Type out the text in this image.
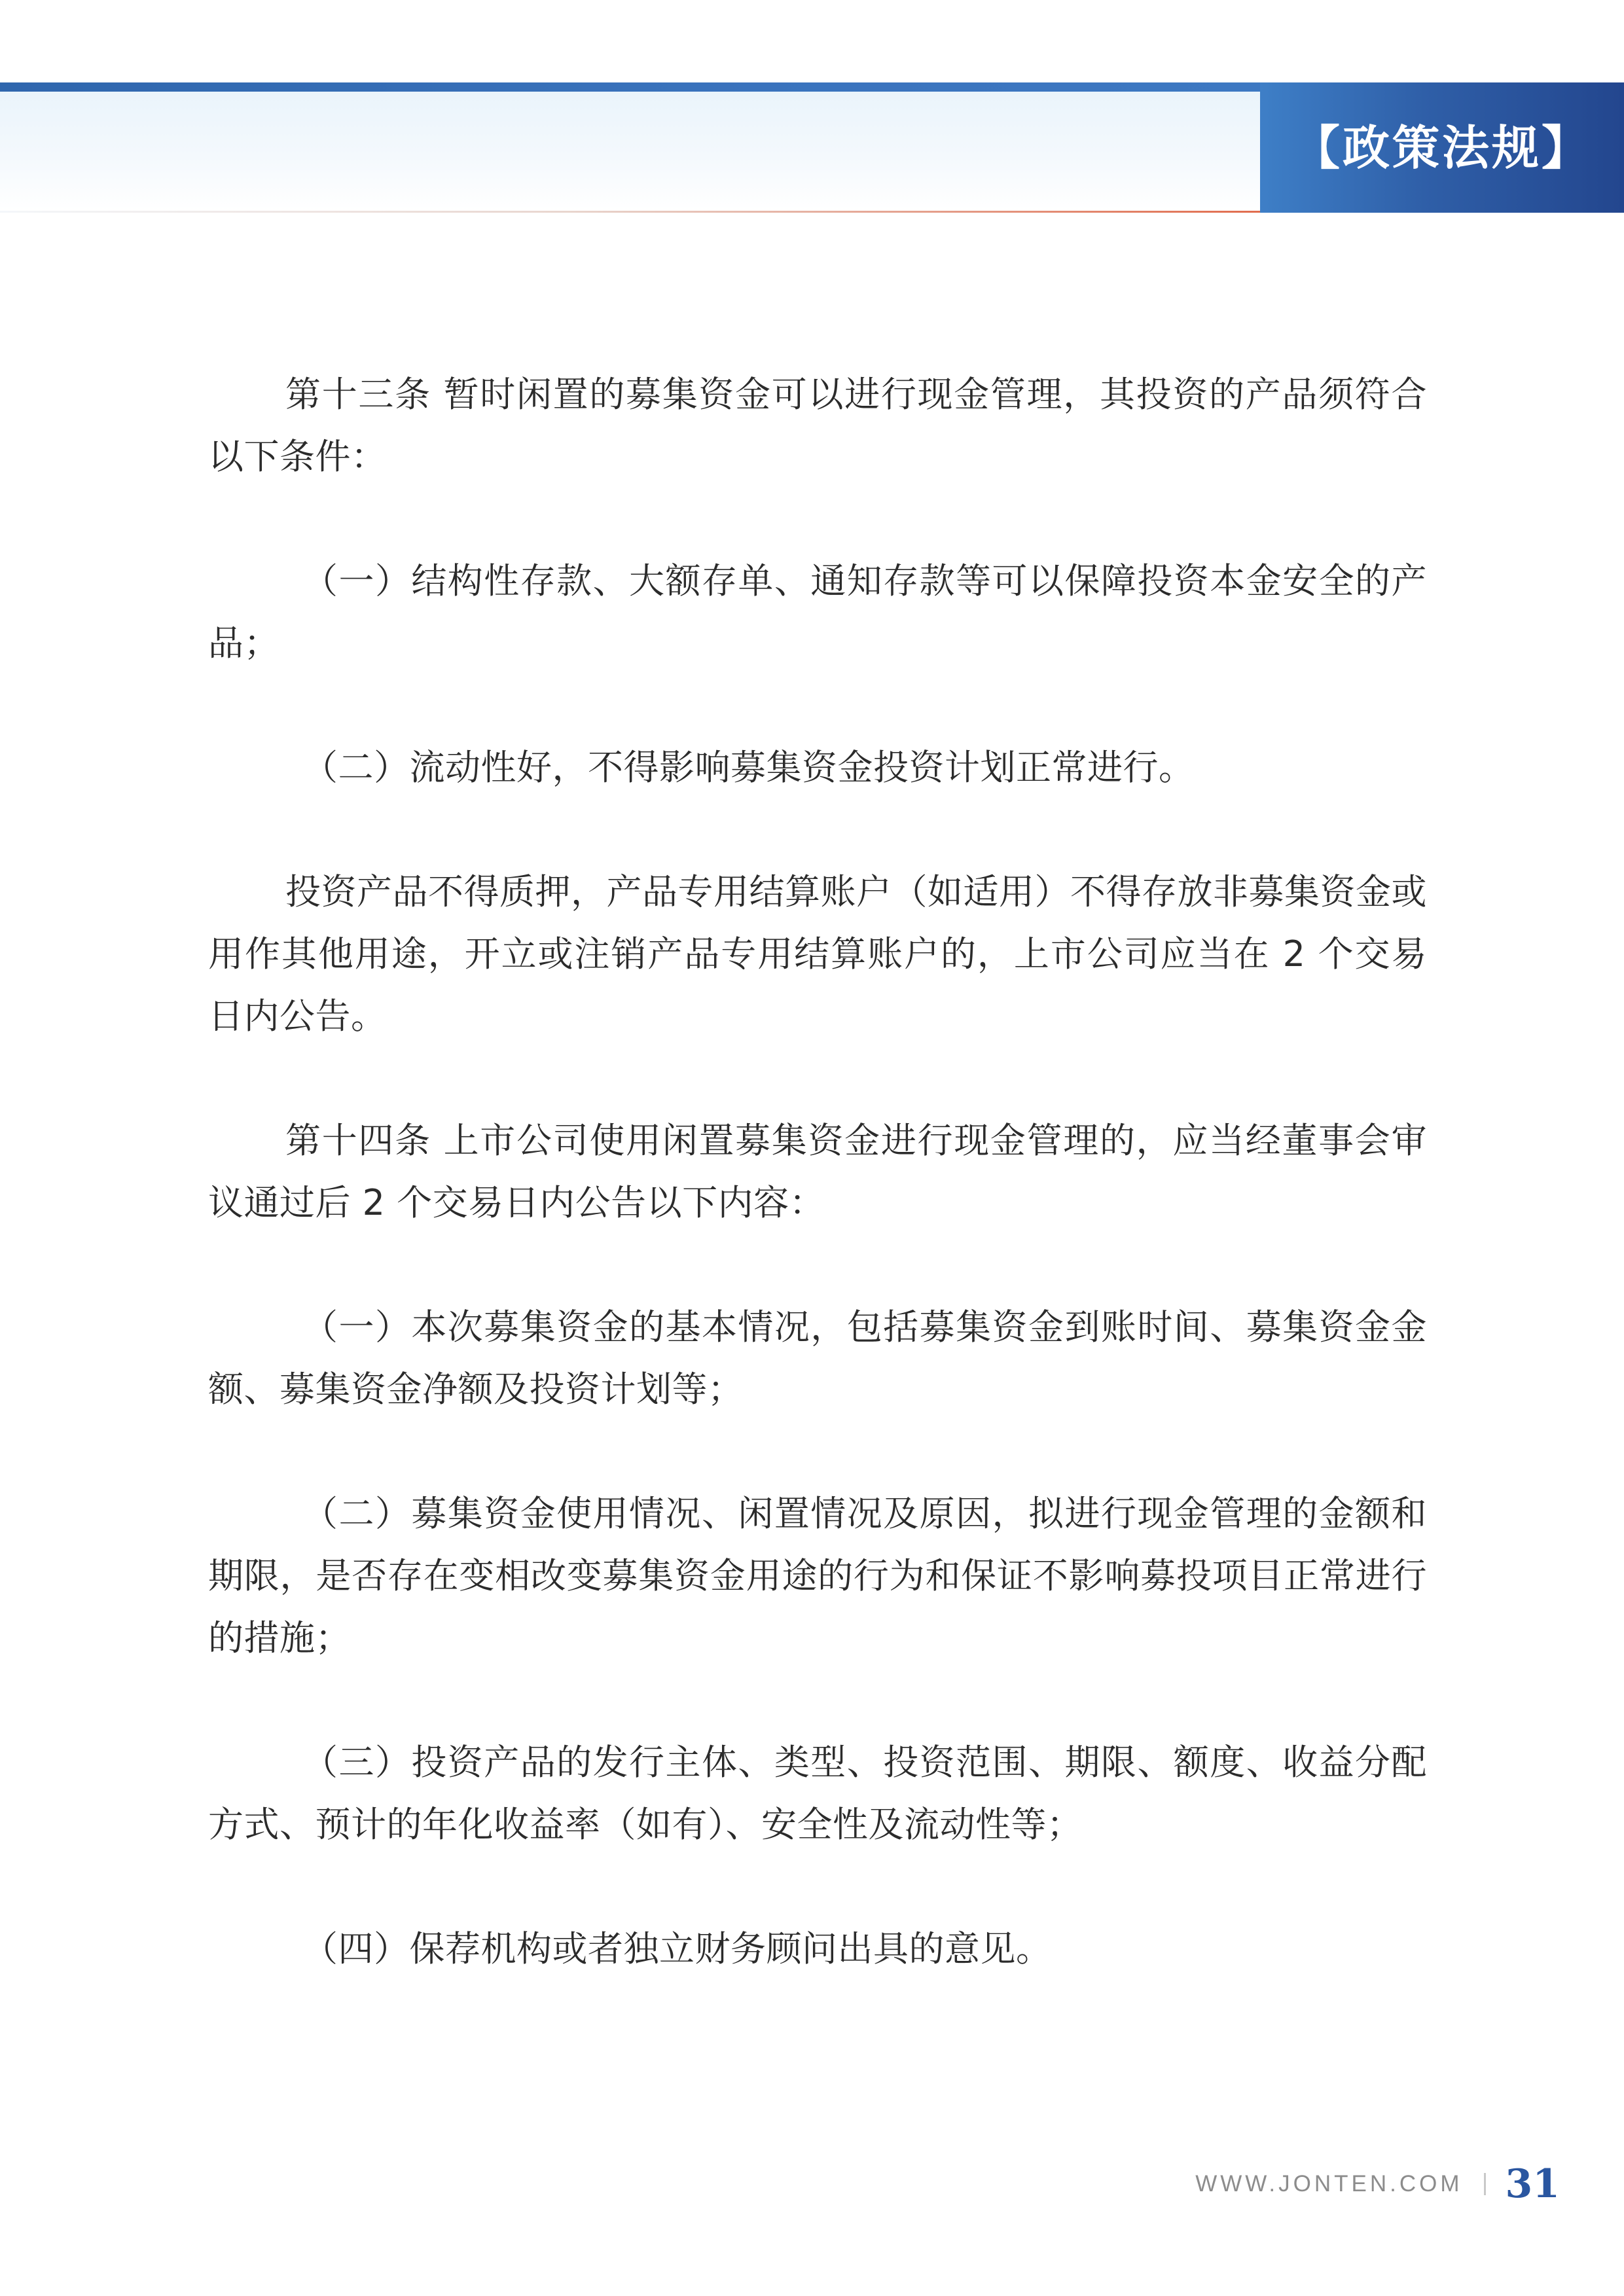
【政策法规】

第十三条 暂时闲置的募集资金可以进行现金管理，其投资的产品须符合以下条件：

（一）结构性存款、大额存单、通知存款等可以保障投资本金安全的产品；

（二）流动性好，不得影响募集资金投资计划正常进行。

投资产品不得质押，产品专用结算账户（如适用）不得存放非募集资金或用作其他用途，开立或注销产品专用结算账户的，上市公司应当在 2 个交易日内公告。

第十四条 上市公司使用闲置募集资金进行现金管理的，应当经董事会审议通过后 2 个交易日内公告以下内容：

（一）本次募集资金的基本情况，包括募集资金到账时间、募集资金金额、募集资金净额及投资计划等；

（二）募集资金使用情况、闲置情况及原因，拟进行现金管理的金额和期限，是否存在变相改变募集资金用途的行为和保证不影响募投项目正常进行的措施；

（三）投资产品的发行主体、类型、投资范围、期限、额度、收益分配方式、预计的年化收益率（如有）、安全性及流动性等；

（四）保荐机构或者独立财务顾问出具的意见。

WWW.JONTEN.COM 31
